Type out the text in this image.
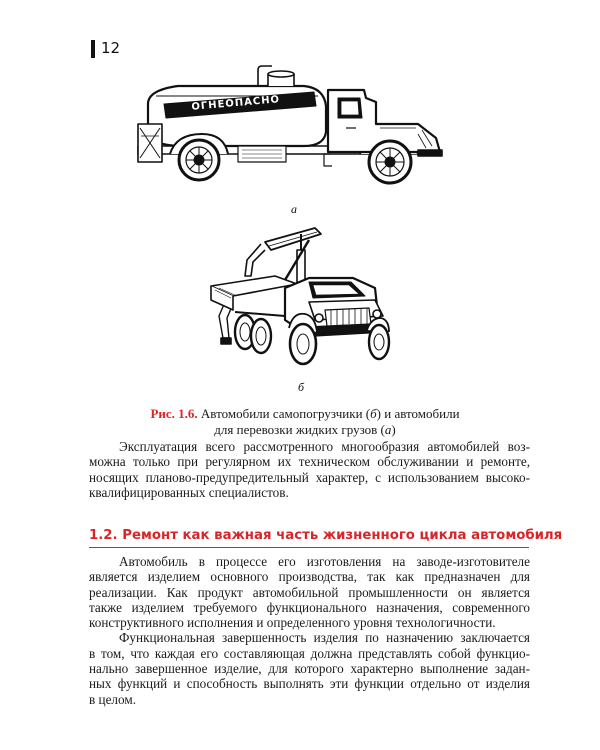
12
ОГНЕОПАСНО
а
б
Рис. 1.6. Автомобили самопогрузчики (б) и автомобили
для перевозки жидких грузов (а)
Эксплуатация всего рассмотренного многообразия автомобилей воз-
можна только при регулярном их техническом обслуживании и ремонте,
носящих планово-предупредительный характер, с использованием высоко-
квалифицированных специалистов.
1.2. Ремонт как важная часть жизненного цикла автомобиля
Автомобиль в процессе его изготовления на заводе-изготовителе
является изделием основного производства, так как предназначен для
реализации. Как продукт автомобильной промышленности он является
также изделием требуемого функционального назначения, современного
конструктивного исполнения и определенного уровня технологичности.
Функциональная завершенность изделия по назначению заключается
в том, что каждая его составляющая должна представлять собой функцио-
нально завершенное изделие, для которого характерно выполнение задан-
ных функций и способность выполнять эти функции отдельно от изделия
в целом.
